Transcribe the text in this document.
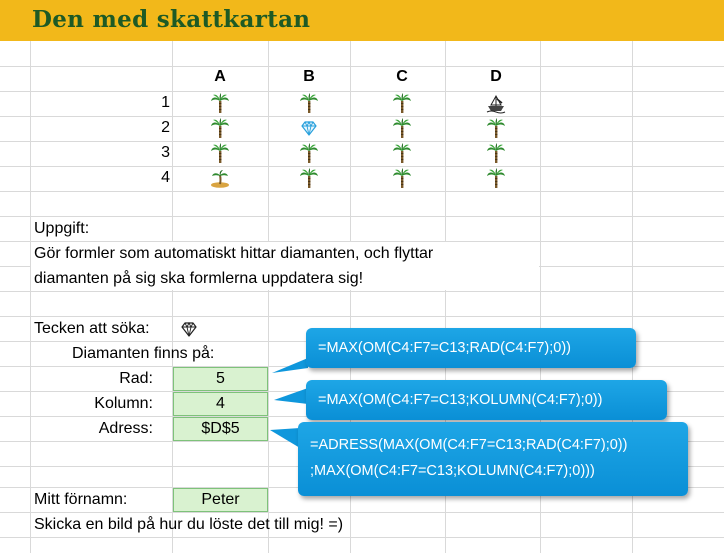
Den med skattkartan
A	B	C	D
1
2
3
4
Uppgift:
Gör formler som automatiskt hittar diamanten, och flyttar
diamanten på sig ska formlerna uppdatera sig!
Tecken att söka:
Diamanten finns på:
Rad:	5
Kolumn:	4
Adress:	$D$5
Mitt förnamn:	Peter
Skicka en bild på hur du löste det till mig! =)
=MAX(OM(C4:F7=C13;RAD(C4:F7);0))
=MAX(OM(C4:F7=C13;KOLUMN(C4:F7);0))
=ADRESS(MAX(OM(C4:F7=C13;RAD(C4:F7);0))
;MAX(OM(C4:F7=C13;KOLUMN(C4:F7);0)))
